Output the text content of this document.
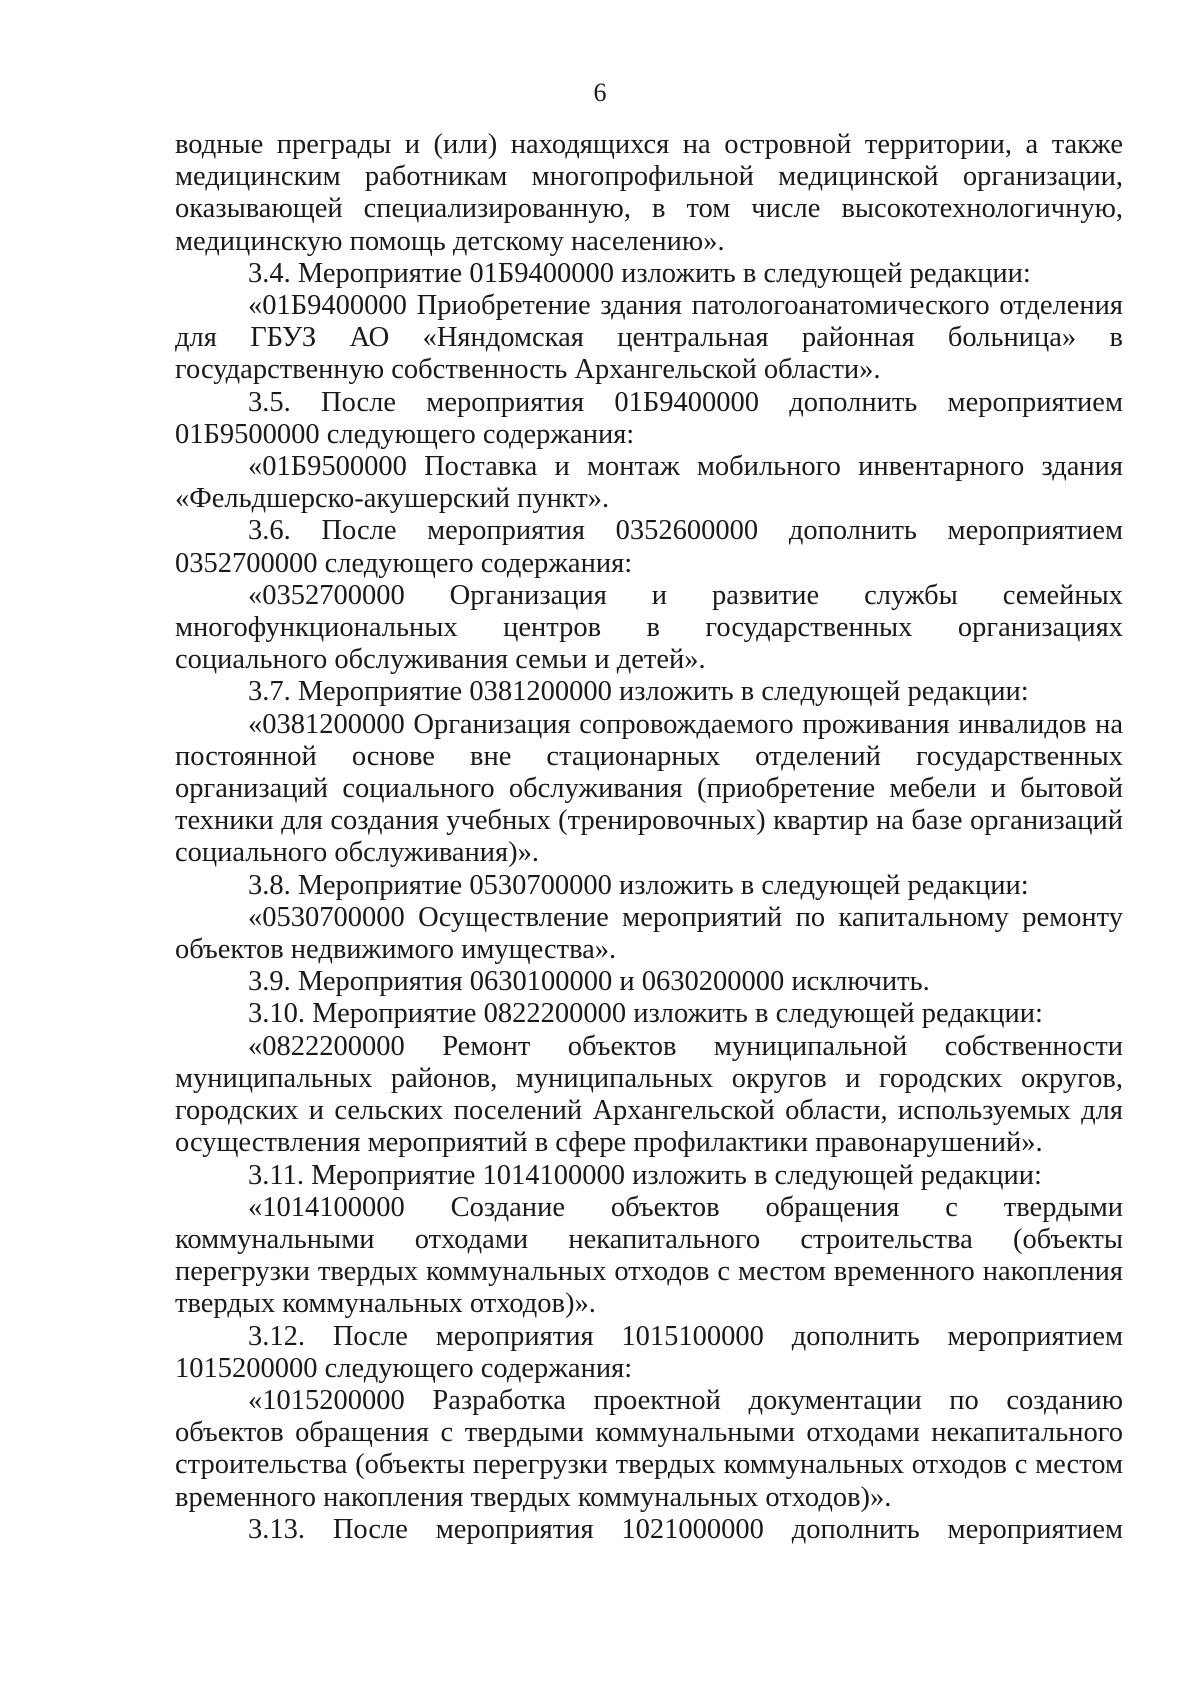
6

водные преграды и (или) находящихся на островной территории, а также медицинским работникам многопрофильной медицинской организации, оказывающей специализированную, в том числе высокотехнологичную, медицинскую помощь детскому населению».

3.4. Мероприятие 01Б9400000 изложить в следующей редакции:

«01Б9400000 Приобретение здания патологоанатомического отделения для ГБУЗ АО «Няндомская центральная районная больница» в государственную собственность Архангельской области».

3.5. После мероприятия 01Б9400000 дополнить мероприятием 01Б9500000 следующего содержания:

«01Б9500000 Поставка и монтаж мобильного инвентарного здания «Фельдшерско-акушерский пункт».

3.6. После мероприятия 0352600000 дополнить мероприятием 0352700000 следующего содержания:

«0352700000 Организация и развитие службы семейных многофункциональных центров в государственных организациях социального обслуживания семьи и детей».

3.7. Мероприятие 0381200000 изложить в следующей редакции:

«0381200000 Организация сопровождаемого проживания инвалидов на постоянной основе вне стационарных отделений государственных организаций социального обслуживания (приобретение мебели и бытовой техники для создания учебных (тренировочных) квартир на базе организаций социального обслуживания)».

3.8. Мероприятие 0530700000 изложить в следующей редакции:

«0530700000 Осуществление мероприятий по капитальному ремонту объектов недвижимого имущества».

3.9. Мероприятия 0630100000 и 0630200000 исключить.

3.10. Мероприятие 0822200000 изложить в следующей редакции:

«0822200000 Ремонт объектов муниципальной собственности муниципальных районов, муниципальных округов и городских округов, городских и сельских поселений Архангельской области, используемых для осуществления мероприятий в сфере профилактики правонарушений».

3.11. Мероприятие 1014100000 изложить в следующей редакции:

«1014100000 Создание объектов обращения с твердыми коммунальными отходами некапитального строительства (объекты перегрузки твердых коммунальных отходов с местом временного накопления твердых коммунальных отходов)».

3.12. После мероприятия 1015100000 дополнить мероприятием 1015200000 следующего содержания:

«1015200000 Разработка проектной документации по созданию объектов обращения с твердыми коммунальными отходами некапитального строительства (объекты перегрузки твердых коммунальных отходов с местом временного накопления твердых коммунальных отходов)».

3.13. После мероприятия 1021000000 дополнить мероприятием
